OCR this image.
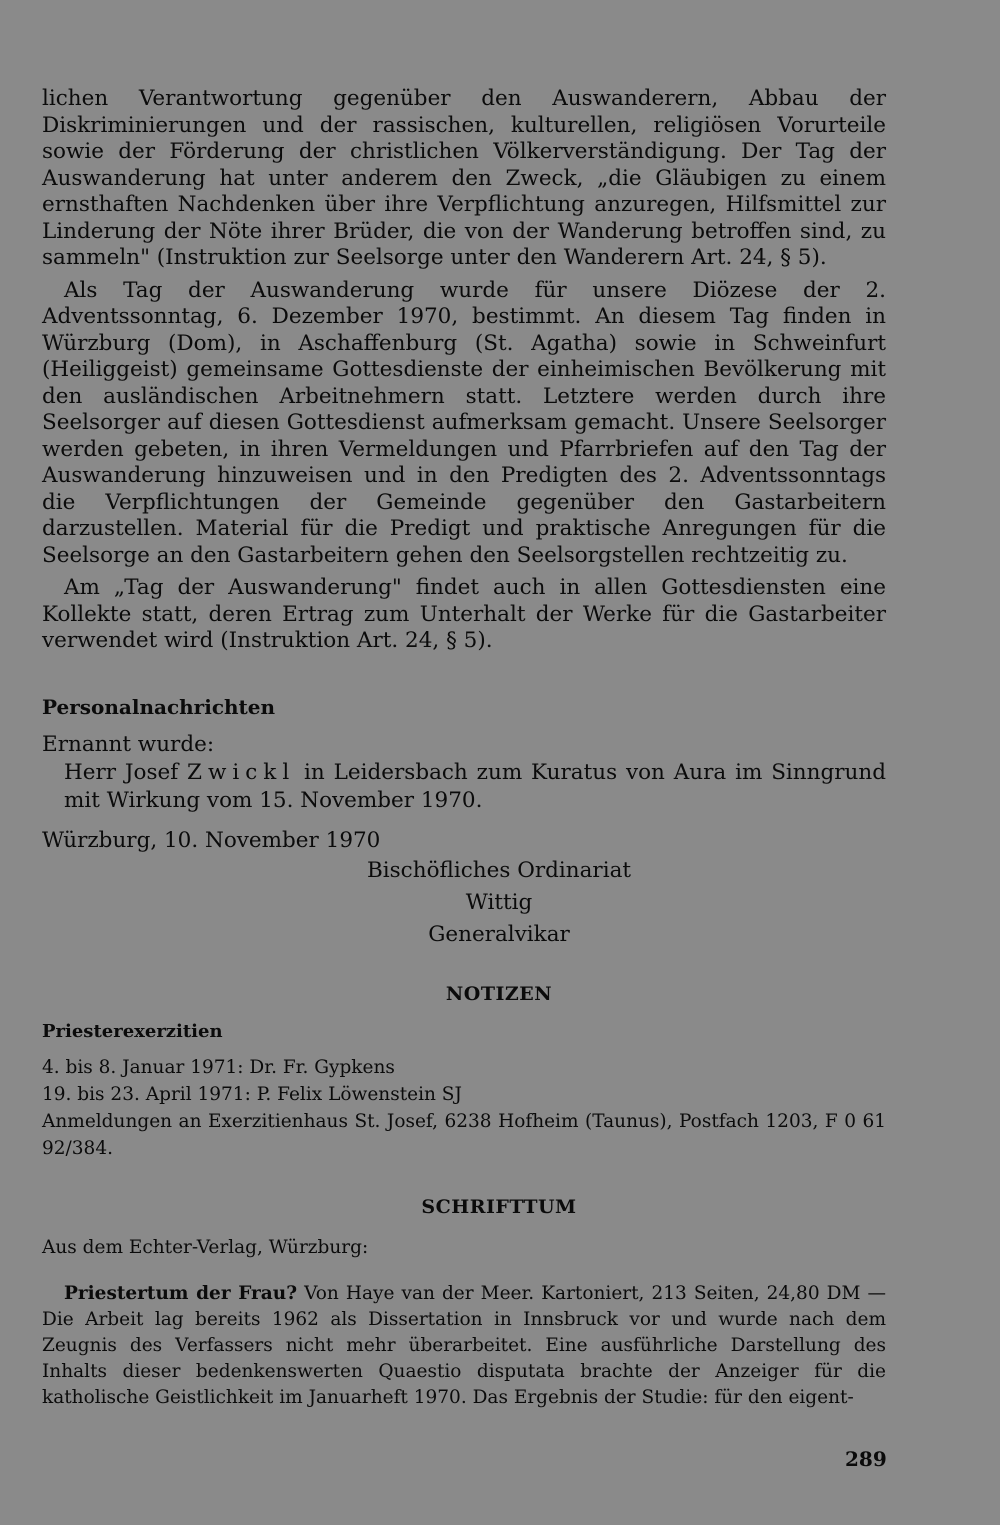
lichen Verantwortung gegenüber den Auswanderern, Abbau der Diskriminierungen und der rassischen, kulturellen, religiösen Vorurteile sowie der Förderung der christlichen Völkerverständigung. Der Tag der Auswanderung hat unter anderem den Zweck, „die Gläubigen zu einem ernsthaften Nachdenken über ihre Verpflichtung anzuregen, Hilfsmittel zur Linderung der Nöte ihrer Brüder, die von der Wanderung betroffen sind, zu sammeln" (Instruktion zur Seelsorge unter den Wanderern Art. 24, § 5).

Als Tag der Auswanderung wurde für unsere Diözese der 2. Adventssonntag, 6. Dezember 1970, bestimmt. An diesem Tag finden in Würzburg (Dom), in Aschaffenburg (St. Agatha) sowie in Schweinfurt (Heiliggeist) gemeinsame Gottesdienste der einheimischen Bevölkerung mit den ausländischen Arbeitnehmern statt. Letztere werden durch ihre Seelsorger auf diesen Gottesdienst aufmerksam gemacht. Unsere Seelsorger werden gebeten, in ihren Vermeldungen und Pfarrbriefen auf den Tag der Auswanderung hinzuweisen und in den Predigten des 2. Adventssonntags die Verpflichtungen der Gemeinde gegenüber den Gastarbeitern darzustellen. Material für die Predigt und praktische Anregungen für die Seelsorge an den Gastarbeitern gehen den Seelsorgstellen rechtzeitig zu.

Am „Tag der Auswanderung" findet auch in allen Gottesdiensten eine Kollekte statt, deren Ertrag zum Unterhalt der Werke für die Gastarbeiter verwendet wird (Instruktion Art. 24, § 5).

Personalnachrichten

Ernannt wurde:

Herr Josef Zwickl in Leidersbach zum Kuratus von Aura im Sinngrund mit Wirkung vom 15. November 1970.

Würzburg, 10. November 1970

Bischöfliches Ordinariat

Wittig

Generalvikar

NOTIZEN
Priesterexerzitien

4. bis 8. Januar 1971: Dr. Fr. Gypkens

19. bis 23. April 1971: P. Felix Löwenstein SJ

Anmeldungen an Exerzitienhaus St. Josef, 6238 Hofheim (Taunus), Postfach 1203, F 0 61 92/384.

SCHRIFTTUM

Aus dem Echter-Verlag, Würzburg:

Priestertum der Frau? Von Haye van der Meer. Kartoniert, 213 Seiten, 24,80 DM — Die Arbeit lag bereits 1962 als Dissertation in Innsbruck vor und wurde nach dem Zeugnis des Verfassers nicht mehr überarbeitet. Eine ausführliche Darstellung des Inhalts dieser bedenkenswerten Quaestio disputata brachte der Anzeiger für die katholische Geistlichkeit im Januarheft 1970. Das Ergebnis der Studie: für den eigent-

289
